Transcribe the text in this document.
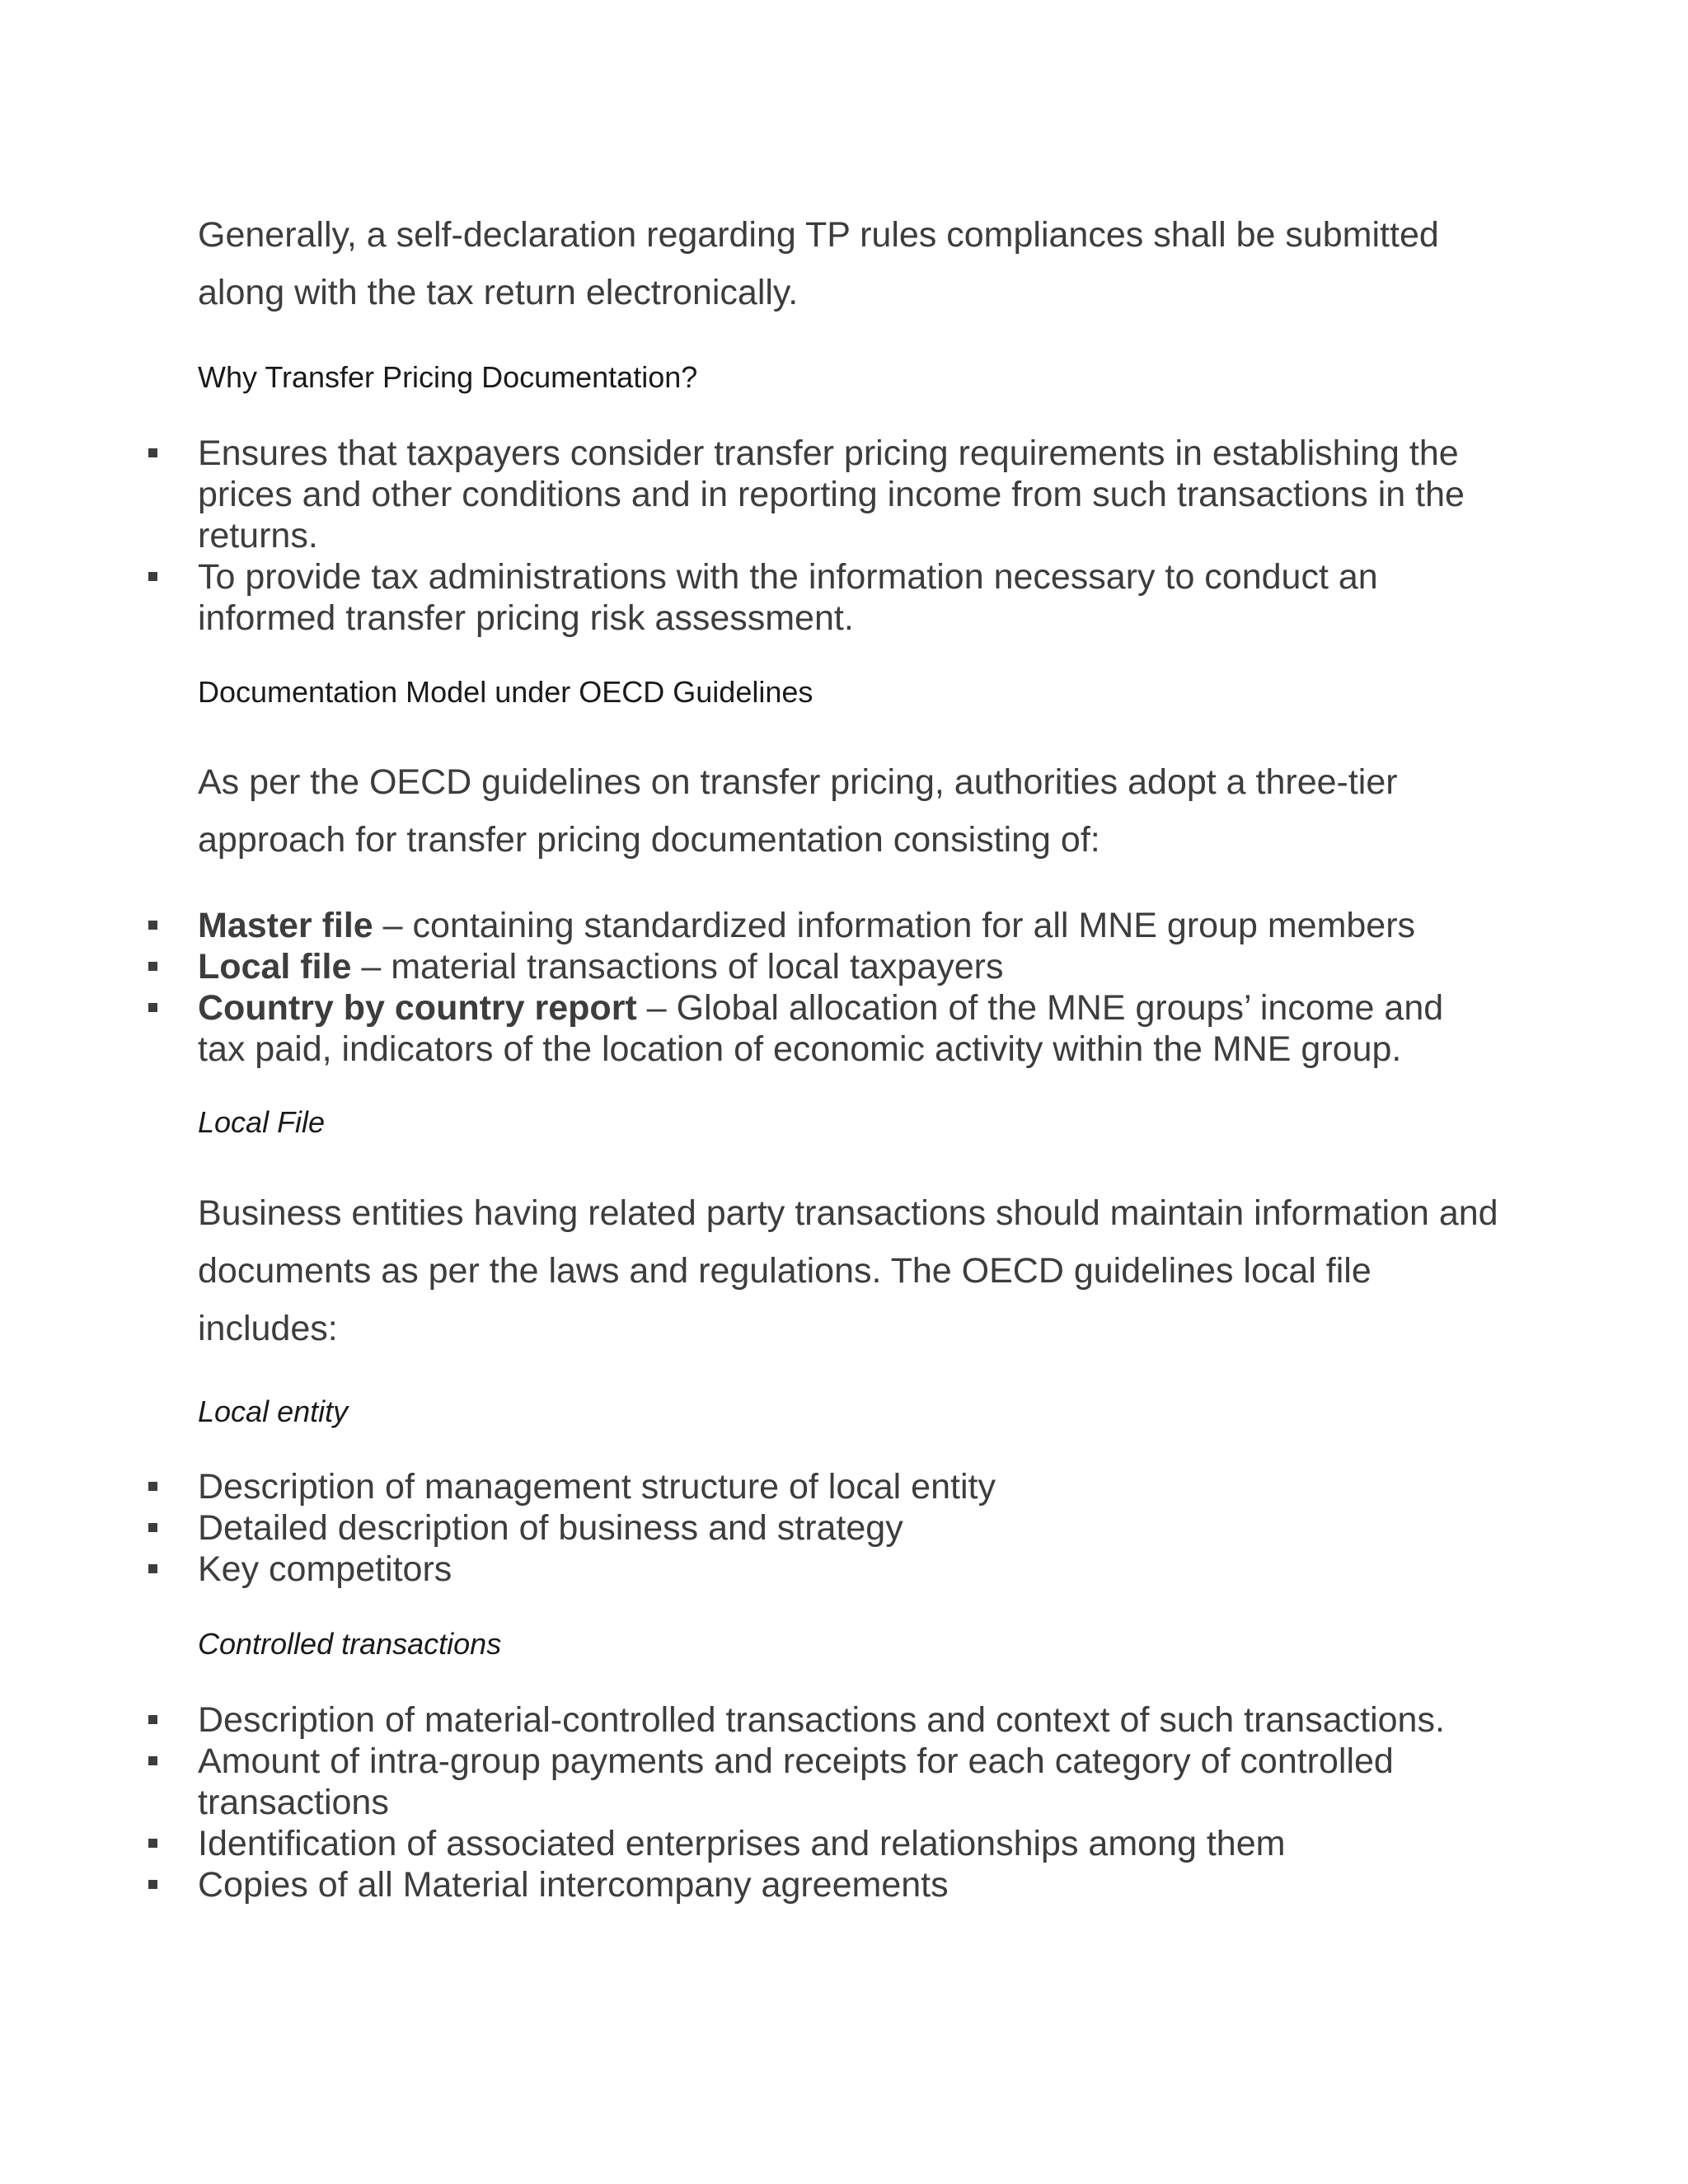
Generally, a self-declaration regarding TP rules compliances shall be submitted along with the tax return electronically.

Why Transfer Pricing Documentation?

Ensures that taxpayers consider transfer pricing requirements in establishing the prices and other conditions and in reporting income from such transactions in the returns.
To provide tax administrations with the information necessary to conduct an informed transfer pricing risk assessment.

Documentation Model under OECD Guidelines

As per the OECD guidelines on transfer pricing, authorities adopt a three-tier approach for transfer pricing documentation consisting of:

Master file – containing standardized information for all MNE group members
Local file – material transactions of local taxpayers
Country by country report – Global allocation of the MNE groups’ income and tax paid, indicators of the location of economic activity within the MNE group.

Local File

Business entities having related party transactions should maintain information and documents as per the laws and regulations. The OECD guidelines local file includes:

Local entity

Description of management structure of local entity
Detailed description of business and strategy
Key competitors

Controlled transactions

Description of material-controlled transactions and context of such transactions.
Amount of intra-group payments and receipts for each category of controlled transactions
Identification of associated enterprises and relationships among them
Copies of all Material intercompany agreements
